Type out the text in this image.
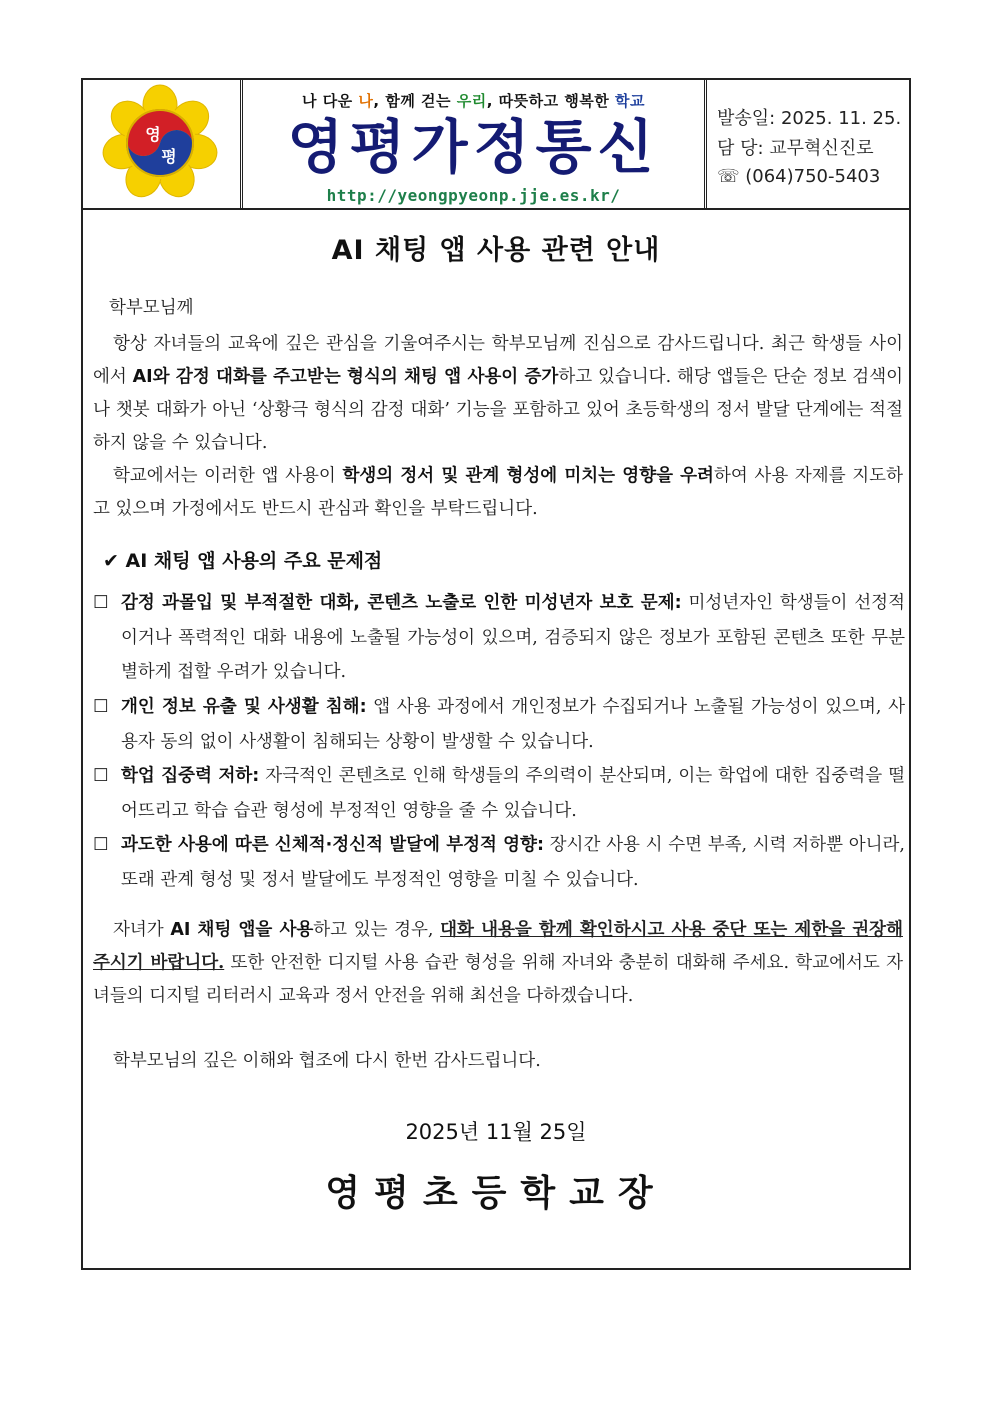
영
평
나 다운 나, 함께 걷는 우리, 따뜻하고 행복한 학교
영평가정통신
http://yeongpyeonp.jje.es.kr/
발송일: 2025. 11. 25.
담 당: 교무혁신진로
☏ (064)750-5403
AI 채팅 앱 사용 관련 안내
학부모님께
항상 자녀들의 교육에 깊은 관심을 기울여주시는 학부모님께 진심으로 감사드립니다. 최근 학생들 사이에서 AI와 감정 대화를 주고받는 형식의 채팅 앱 사용이 증가하고 있습니다. 해당 앱들은 단순 정보 검색이나 챗봇 대화가 아닌 ‘상황극 형식의 감정 대화’ 기능을 포함하고 있어 초등학생의 정서 발달 단계에는 적절하지 않을 수 있습니다.
학교에서는 이러한 앱 사용이 학생의 정서 및 관계 형성에 미치는 영향을 우려하여 사용 자제를 지도하고 있으며 가정에서도 반드시 관심과 확인을 부탁드립니다.
✔ AI 채팅 앱 사용의 주요 문제점
☐ 감정 과몰입 및 부적절한 대화, 콘텐츠 노출로 인한 미성년자 보호 문제: 미성년자인 학생들이 선정적이거나 폭력적인 대화 내용에 노출될 가능성이 있으며, 검증되지 않은 정보가 포함된 콘텐츠 또한 무분별하게 접할 우려가 있습니다.
☐ 개인 정보 유출 및 사생활 침해: 앱 사용 과정에서 개인정보가 수집되거나 노출될 가능성이 있으며, 사용자 동의 없이 사생활이 침해되는 상황이 발생할 수 있습니다.
☐ 학업 집중력 저하: 자극적인 콘텐츠로 인해 학생들의 주의력이 분산되며, 이는 학업에 대한 집중력을 떨어뜨리고 학습 습관 형성에 부정적인 영향을 줄 수 있습니다.
☐ 과도한 사용에 따른 신체적·정신적 발달에 부정적 영향: 장시간 사용 시 수면 부족, 시력 저하뿐 아니라, 또래 관계 형성 및 정서 발달에도 부정적인 영향을 미칠 수 있습니다.
자녀가 AI 채팅 앱을 사용하고 있는 경우, 대화 내용을 함께 확인하시고 사용 중단 또는 제한을 권장해 주시기 바랍니다. 또한 안전한 디지털 사용 습관 형성을 위해 자녀와 충분히 대화해 주세요. 학교에서도 자녀들의 디지털 리터러시 교육과 정서 안전을 위해 최선을 다하겠습니다.
학부모님의 깊은 이해와 협조에 다시 한번 감사드립니다.
2025년 11월 25일
영평초등학교장
